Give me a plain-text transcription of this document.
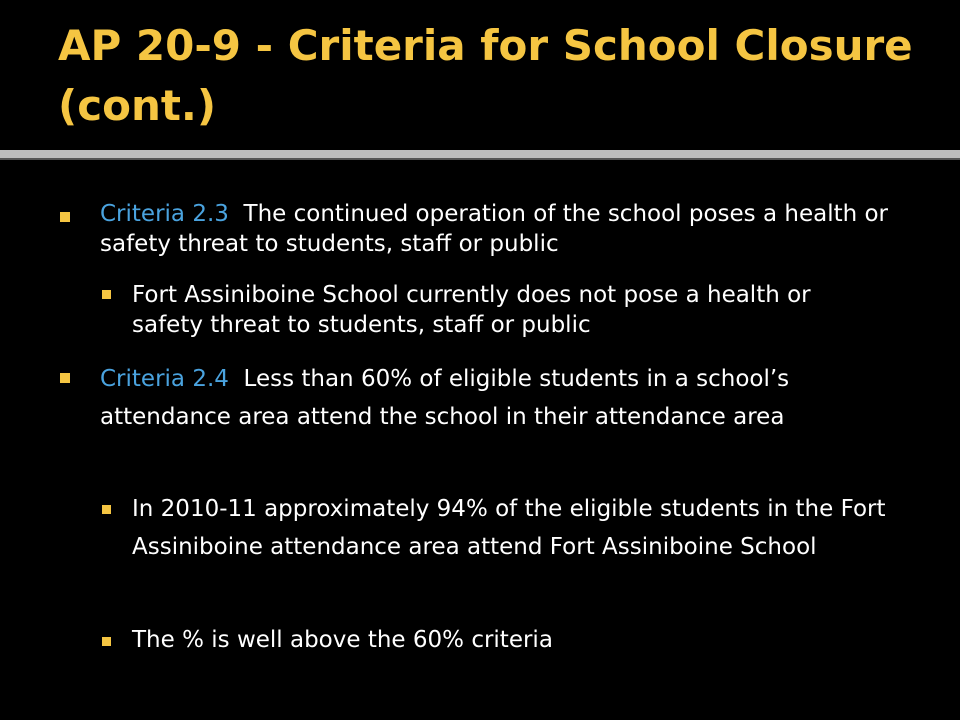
AP 20-9 - Criteria for School Closure (cont.)

Criteria 2.3 The continued operation of the school poses a health or safety threat to students, staff or public

Fort Assiniboine School currently does not pose a health or safety threat to students, staff or public

Criteria 2.4 Less than 60% of eligible students in a school’s attendance area attend the school in their attendance area

In 2010-11 approximately 94% of the eligible students in the Fort Assiniboine attendance area attend Fort Assiniboine School

The % is well above the 60% criteria
